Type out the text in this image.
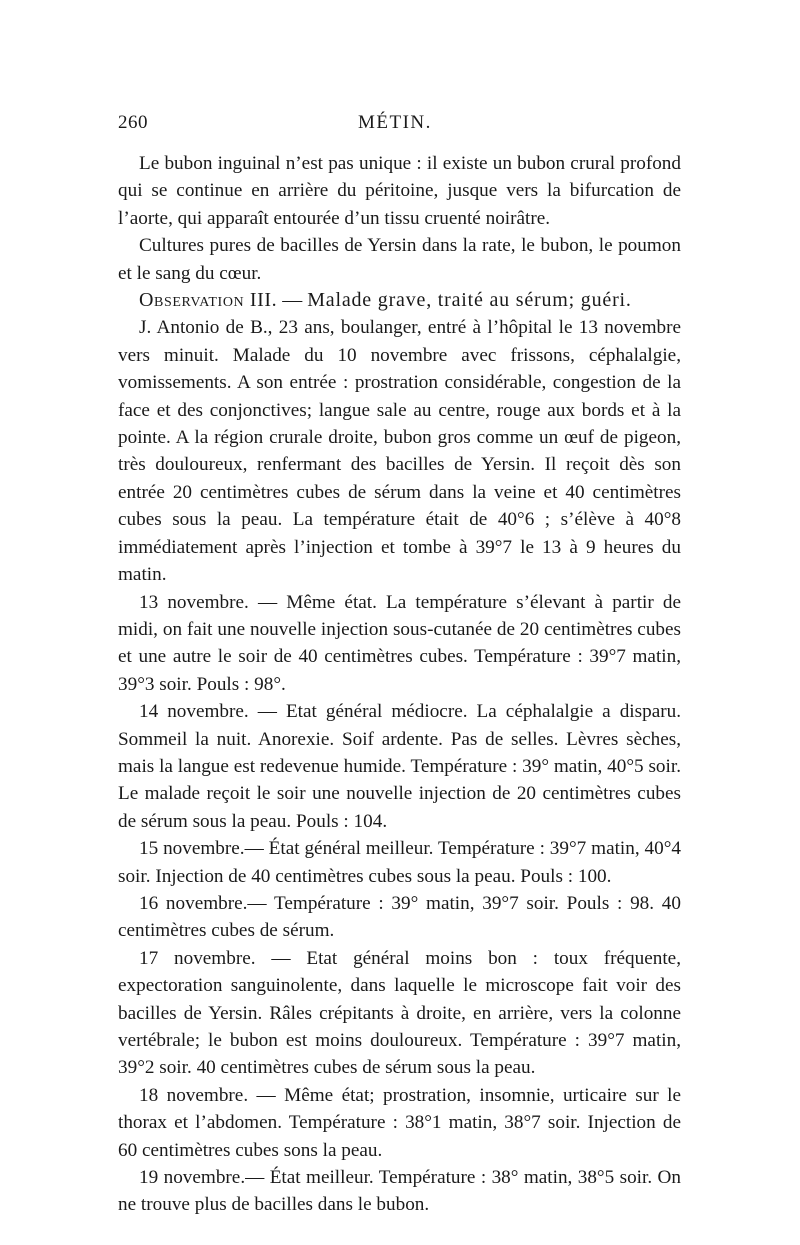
260	MÉTIN.

Le bubon inguinal n’est pas unique : il existe un bubon crural profond qui se continue en arrière du péritoine, jusque vers la bifurcation de l’aorte, qui apparaît entourée d’un tissu cruenté noirâtre.

Cultures pures de bacilles de Yersin dans la rate, le bubon, le poumon et le sang du cœur.

Observation III. — Malade grave, traité au sérum; guéri.

J. Antonio de B., 23 ans, boulanger, entré à l’hôpital le 13 novembre vers minuit. Malade du 10 novembre avec frissons, céphalalgie, vomissements. A son entrée : prostration considérable, congestion de la face et des conjonctives; langue sale au centre, rouge aux bords et à la pointe. A la région crurale droite, bubon gros comme un œuf de pigeon, très douloureux, renfermant des bacilles de Yersin. Il reçoit dès son entrée 20 centimètres cubes de sérum dans la veine et 40 centimètres cubes sous la peau. La température était de 40°6 ; s’élève à 40°8 immédiatement après l’injection et tombe à 39°7 le 13 à 9 heures du matin.

13 novembre. — Même état. La température s’élevant à partir de midi, on fait une nouvelle injection sous-cutanée de 20 centimètres cubes et une autre le soir de 40 centimètres cubes. Température : 39°7 matin, 39°3 soir. Pouls : 98°.

14 novembre. — Etat général médiocre. La céphalalgie a disparu. Sommeil la nuit. Anorexie. Soif ardente. Pas de selles. Lèvres sèches, mais la langue est redevenue humide. Température : 39° matin, 40°5 soir. Le malade reçoit le soir une nouvelle injection de 20 centimètres cubes de sérum sous la peau. Pouls : 104.

15 novembre.— État général meilleur. Température : 39°7 matin, 40°4 soir. Injection de 40 centimètres cubes sous la peau. Pouls : 100.

16 novembre.— Température : 39° matin, 39°7 soir. Pouls : 98. 40 centimètres cubes de sérum.

17 novembre. — Etat général moins bon : toux fréquente, expectoration sanguinolente, dans laquelle le microscope fait voir des bacilles de Yersin. Râles crépitants à droite, en arrière, vers la colonne vertébrale; le bubon est moins douloureux. Température : 39°7 matin, 39°2 soir. 40 centimètres cubes de sérum sous la peau.

18 novembre. — Même état; prostration, insomnie, urticaire sur le thorax et l’abdomen. Température : 38°1 matin, 38°7 soir. Injection de 60 centimètres cubes sons la peau.

19 novembre.— État meilleur. Température : 38° matin, 38°5 soir. On ne trouve plus de bacilles dans le bubon.
